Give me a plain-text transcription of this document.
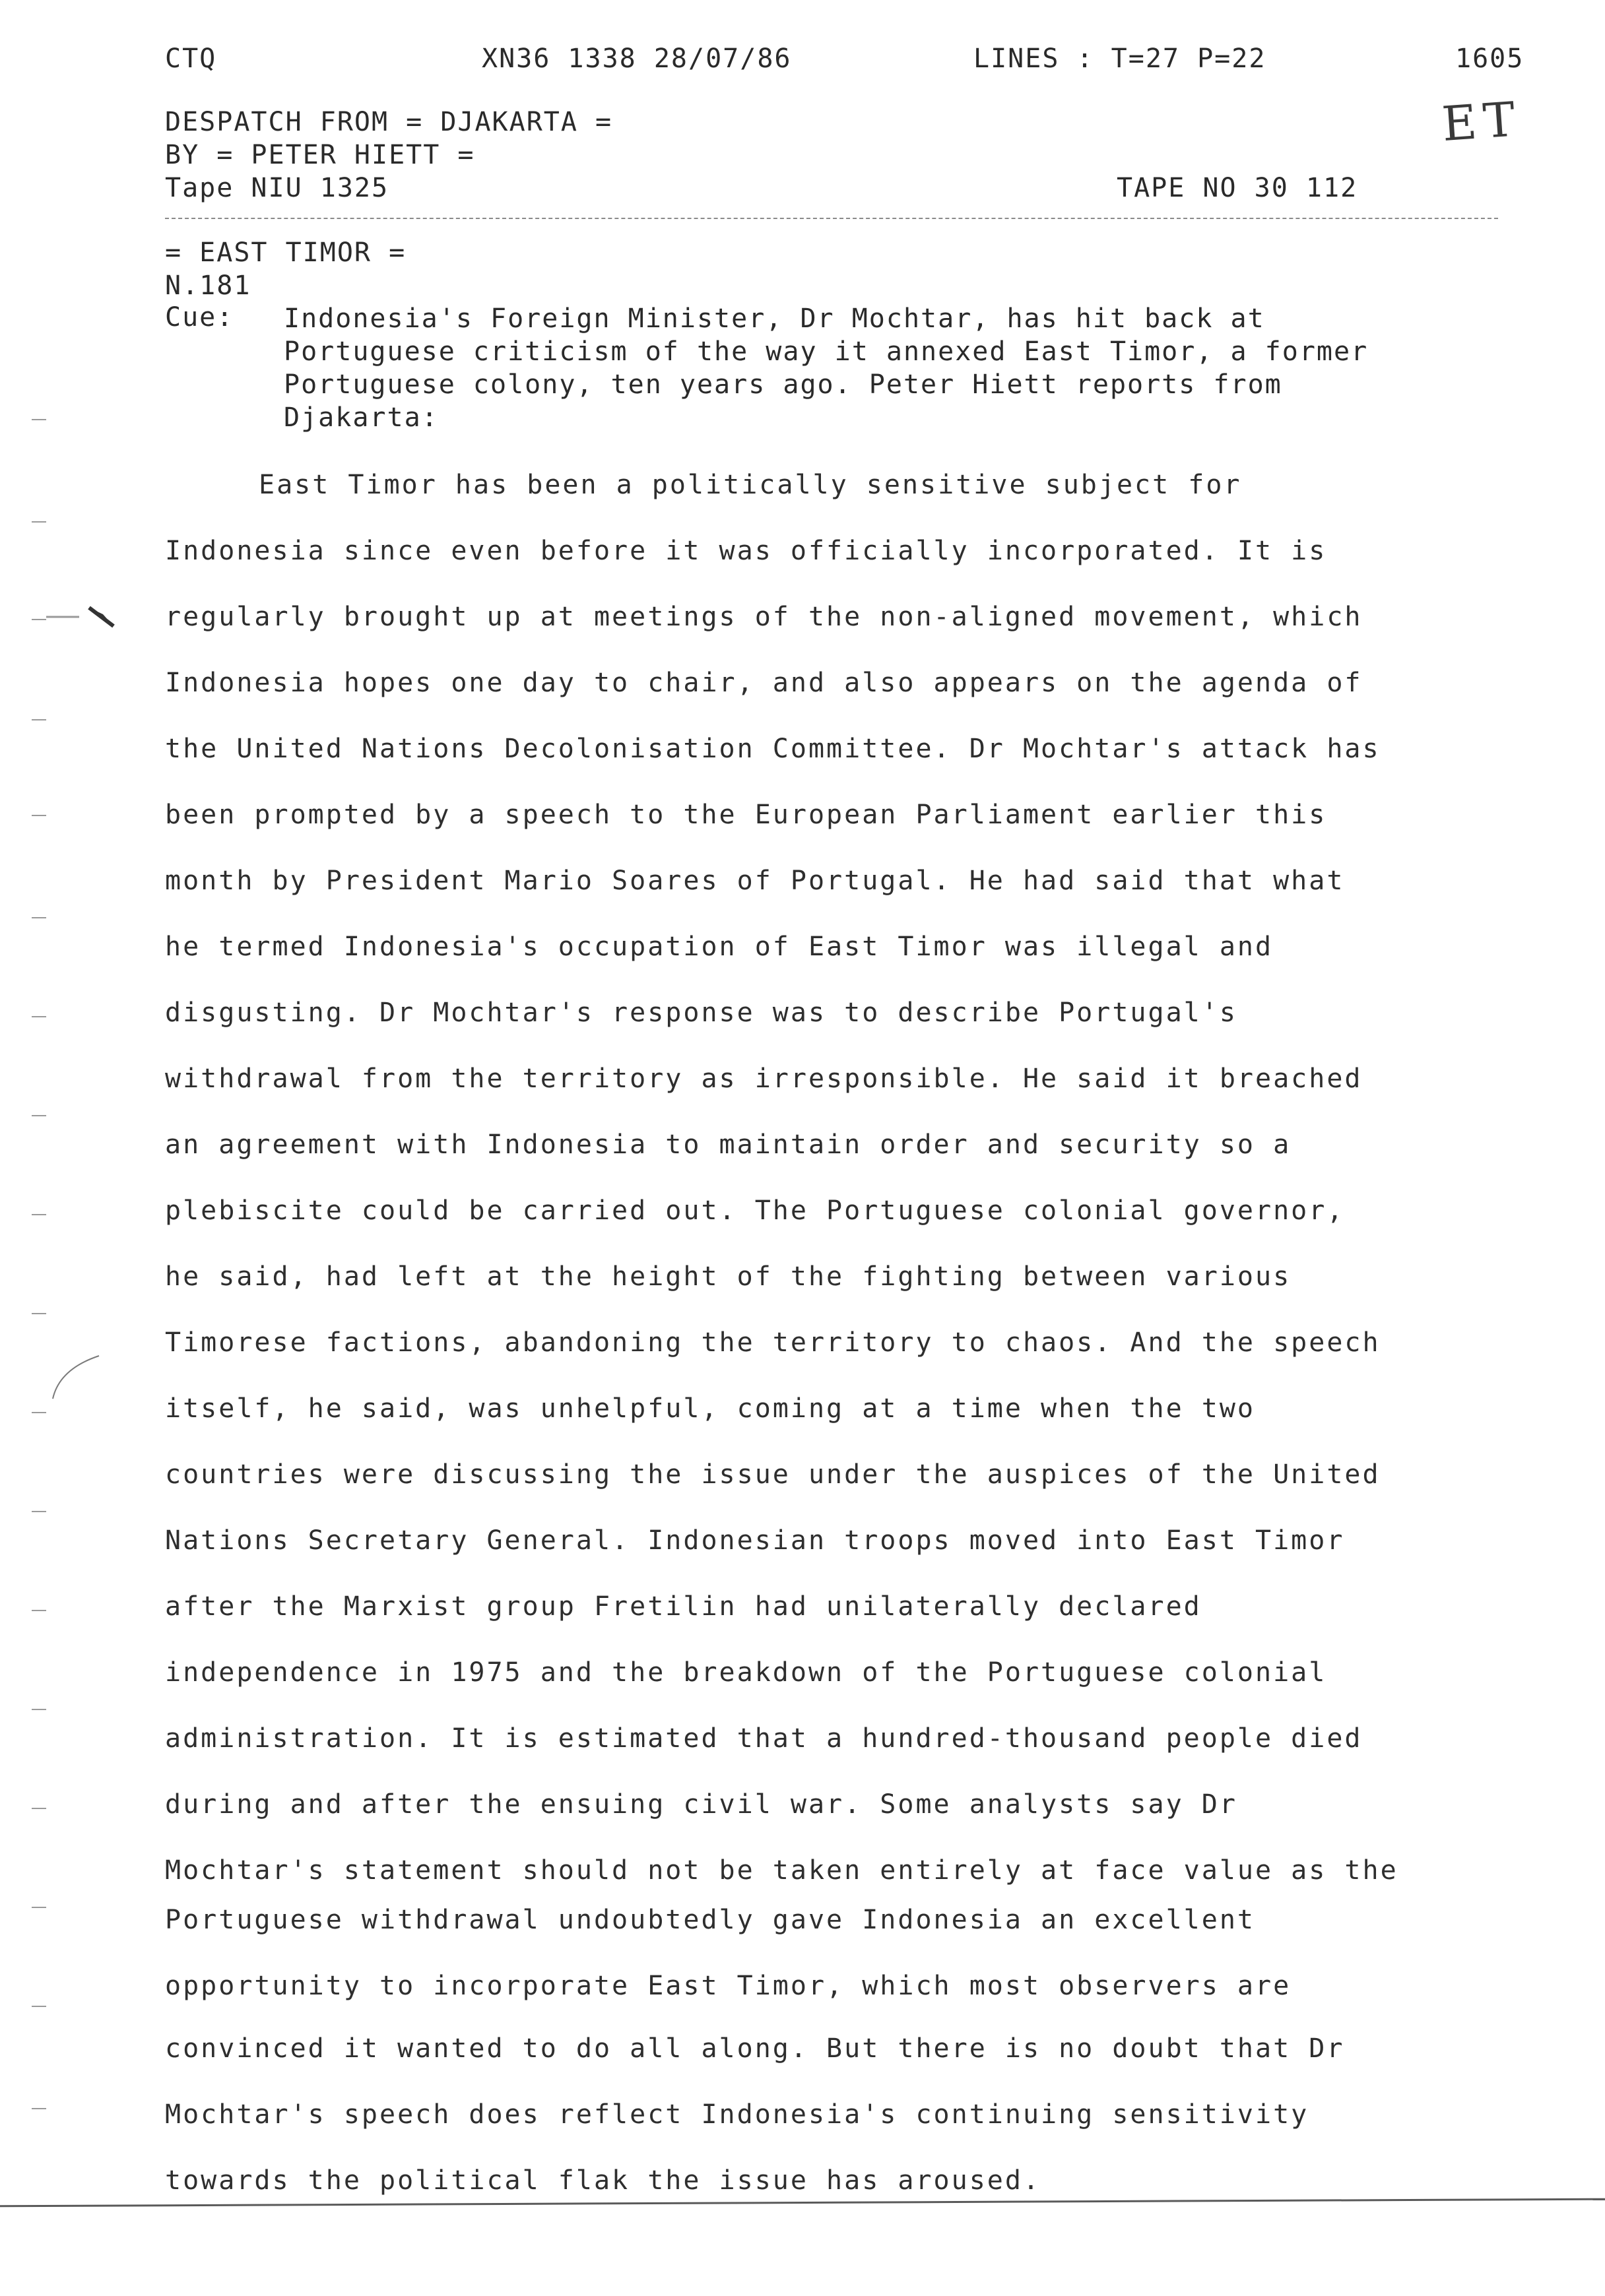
CTQ	XN36 1338 28/07/86	LINES : T=27 P=22	1605
DESPATCH FROM = DJAKARTA =
BY = PETER HIETT =
Tape NIU 1325	TAPE NO 30 112
ET
= EAST TIMOR =
N.181
Cue: Indonesia's Foreign Minister, Dr Mochtar, has hit back at
Portuguese criticism of the way it annexed East Timor, a former
Portuguese colony, ten years ago. Peter Hiett reports from
Djakarta:
East Timor has been a politically sensitive subject for
Indonesia since even before it was officially incorporated. It is
regularly brought up at meetings of the non-aligned movement, which
Indonesia hopes one day to chair, and also appears on the agenda of
the United Nations Decolonisation Committee. Dr Mochtar's attack has
been prompted by a speech to the European Parliament earlier this
month by President Mario Soares of Portugal. He had said that what
he termed Indonesia's occupation of East Timor was illegal and
disgusting. Dr Mochtar's response was to describe Portugal's
withdrawal from the territory as irresponsible. He said it breached
an agreement with Indonesia to maintain order and security so a
plebiscite could be carried out. The Portuguese colonial governor,
he said, had left at the height of the fighting between various
Timorese factions, abandoning the territory to chaos. And the speech
itself, he said, was unhelpful, coming at a time when the two
countries were discussing the issue under the auspices of the United
Nations Secretary General. Indonesian troops moved into East Timor
after the Marxist group Fretilin had unilaterally declared
independence in 1975 and the breakdown of the Portuguese colonial
administration. It is estimated that a hundred-thousand people died
during and after the ensuing civil war. Some analysts say Dr
Mochtar's statement should not be taken entirely at face value as the
Portuguese withdrawal undoubtedly gave Indonesia an excellent
opportunity to incorporate East Timor, which most observers are
convinced it wanted to do all along. But there is no doubt that Dr
Mochtar's speech does reflect Indonesia's continuing sensitivity
towards the political flak the issue has aroused.
